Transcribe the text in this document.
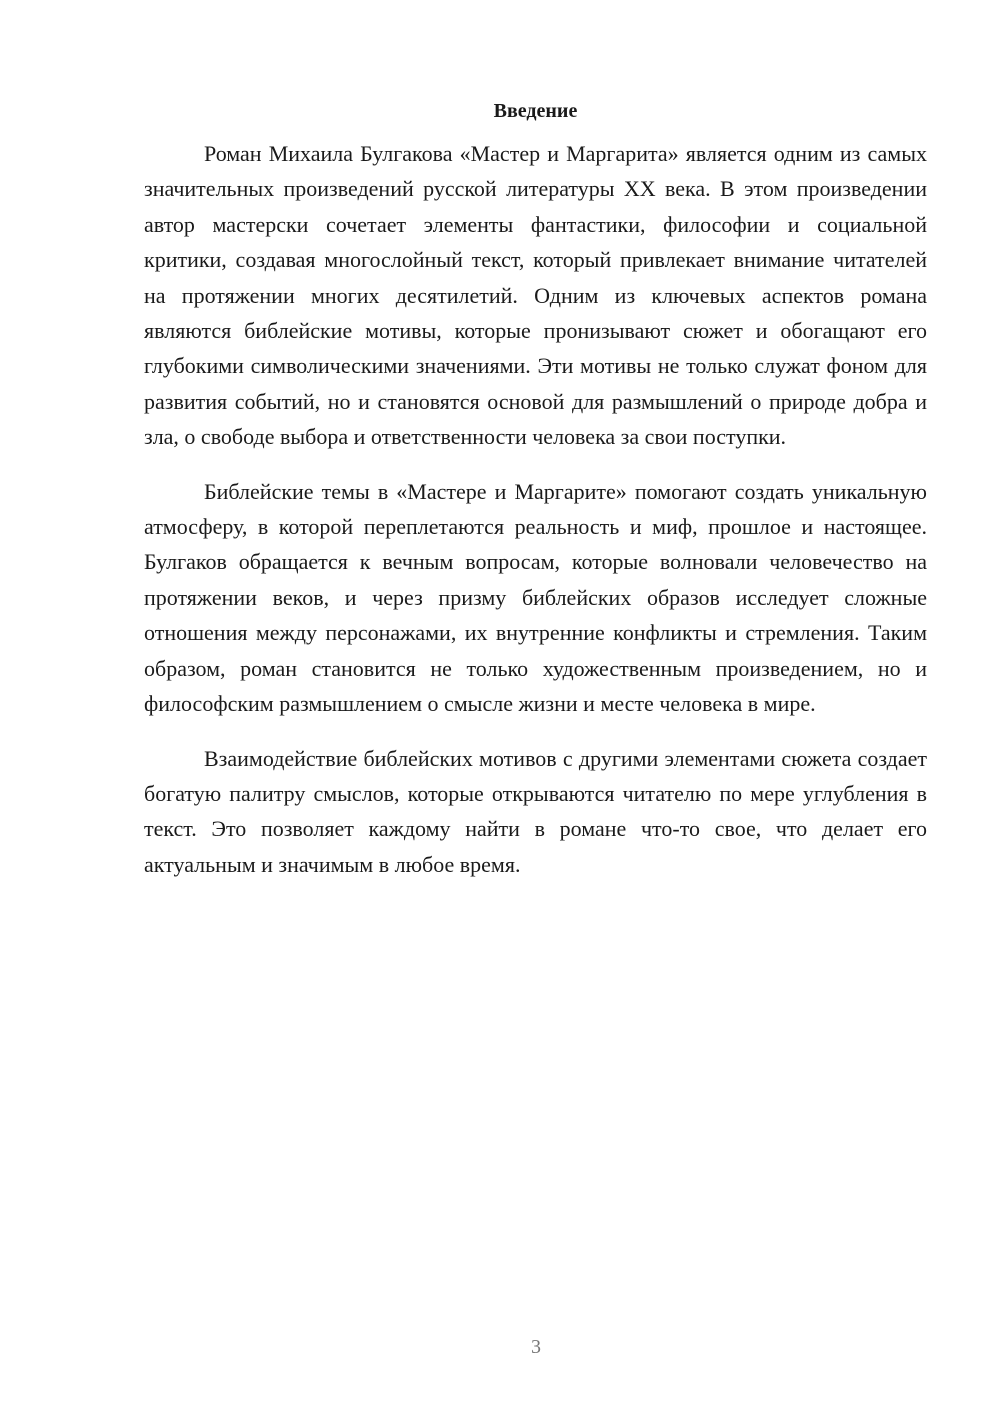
Введение

Роман Михаила Булгакова «Мастер и Маргарита» является одним из самых значительных произведений русской литературы XX века. В этом произведении автор мастерски сочетает элементы фантастики, философии и социальной критики, создавая многослойный текст, который привлекает внимание читателей на протяжении многих десятилетий. Одним из ключевых аспектов романа являются библейские мотивы, которые пронизывают сюжет и обогащают его глубокими символическими значениями. Эти мотивы не только служат фоном для развития событий, но и становятся основой для размышлений о природе добра и зла, о свободе выбора и ответственности человека за свои поступки.

Библейские темы в «Мастере и Маргарите» помогают создать уникальную атмосферу, в которой переплетаются реальность и миф, прошлое и настоящее. Булгаков обращается к вечным вопросам, которые волновали человечество на протяжении веков, и через призму библейских образов исследует сложные отношения между персонажами, их внутренние конфликты и стремления. Таким образом, роман становится не только художественным произведением, но и философским размышлением о смысле жизни и месте человека в мире.

Взаимодействие библейских мотивов с другими элементами сюжета создает богатую палитру смыслов, которые открываются читателю по мере углубления в текст. Это позволяет каждому найти в романе что-то свое, что делает его актуальным и значимым в любое время.

3
